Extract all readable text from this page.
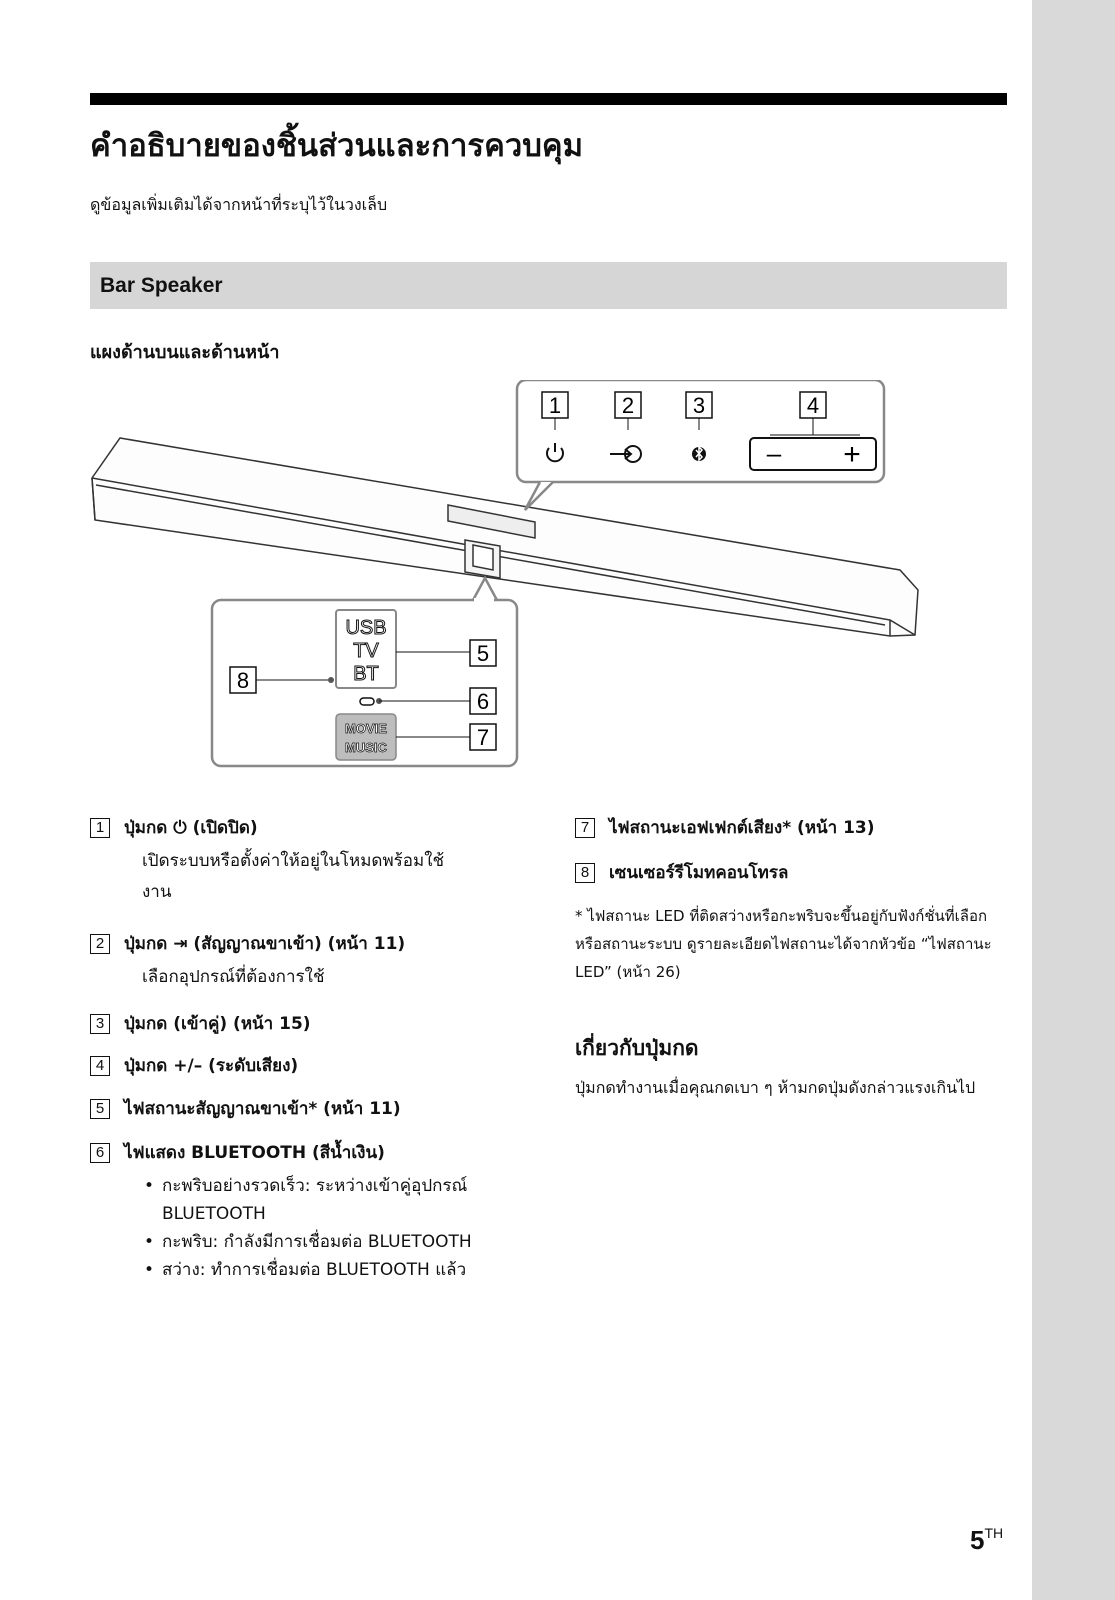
คำอธิบายของชิ้นส่วนและการควบคุม
ดูข้อมูลเพิ่มเติมได้จากหน้าที่ระบุไว้ในวงเล็บ
Bar Speaker
แผงด้านบนและด้านหน้า
1	2	3	4
– +
USB
TV
BT
MOVIE
MUSIC
5
6
7
8
1 ปุ่มกด ⏻ (เปิดปิด)
เปิดระบบหรือตั้งค่าให้อยู่ในโหมดพร้อมใช้
งาน
2 ปุ่มกด ⇥ (สัญญาณขาเข้า) (หน้า 11)
เลือกอุปกรณ์ที่ต้องการใช้
3 ปุ่มกด (เข้าคู่) (หน้า 15)
4 ปุ่มกด +/– (ระดับเสียง)
5 ไฟสถานะสัญญาณขาเข้า* (หน้า 11)
6 ไฟแสดง BLUETOOTH (สีน้ำเงิน)
• กะพริบอย่างรวดเร็ว: ระหว่างเข้าคู่อุปกรณ์ BLUETOOTH
• กะพริบ: กำลังมีการเชื่อมต่อ BLUETOOTH
• สว่าง: ทำการเชื่อมต่อ BLUETOOTH แล้ว
7 ไฟสถานะเอฟเฟกต์เสียง* (หน้า 13)
8 เซนเซอร์รีโมทคอนโทรล
* ไฟสถานะ LED ที่ติดสว่างหรือกะพริบจะขึ้นอยู่กับฟังก์ชั่นที่เลือกหรือสถานะระบบ ดูรายละเอียดไฟสถานะได้จากหัวข้อ “ไฟสถานะ LED” (หน้า 26)
เกี่ยวกับปุ่มกด
ปุ่มกดทำงานเมื่อคุณกดเบา ๆ ห้ามกดปุ่มดังกล่าวแรงเกินไป
5TH
